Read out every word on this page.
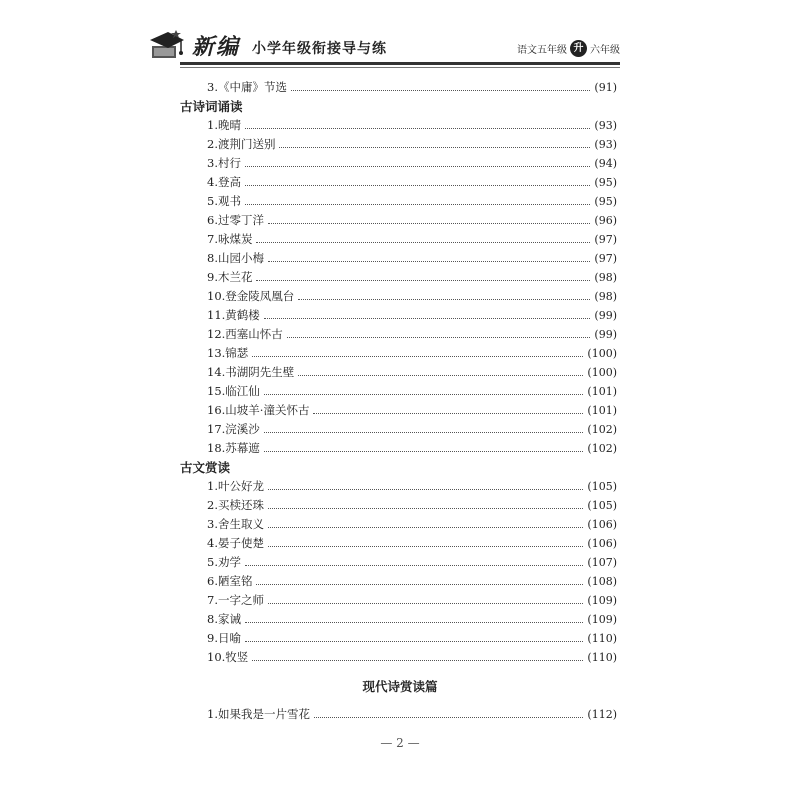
新编 小学年级衔接导与练	语文五年级 升 六年级
3.《中庸》节选	(91)
古诗词诵读
1.晚晴	(93)
2.渡荆门送别	(93)
3.村行	(94)
4.登高	(95)
5.观书	(95)
6.过零丁洋	(96)
7.咏煤炭	(97)
8.山园小梅	(97)
9.木兰花	(98)
10.登金陵凤凰台	(98)
11.黄鹤楼	(99)
12.西塞山怀古	(99)
13.锦瑟	(100)
14.书湖阴先生壁	(100)
15.临江仙	(101)
16.山坡羊·潼关怀古	(101)
17.浣溪沙	(102)
18.苏幕遮	(102)
古文赏读
1.叶公好龙	(105)
2.买椟还珠	(105)
3.舍生取义	(106)
4.晏子使楚	(106)
5.劝学	(107)
6.陋室铭	(108)
7.一字之师	(109)
8.家诫	(109)
9.日喻	(110)
10.牧竖	(110)
现代诗赏读篇
1.如果我是一片雪花	(112)
— 2 —
